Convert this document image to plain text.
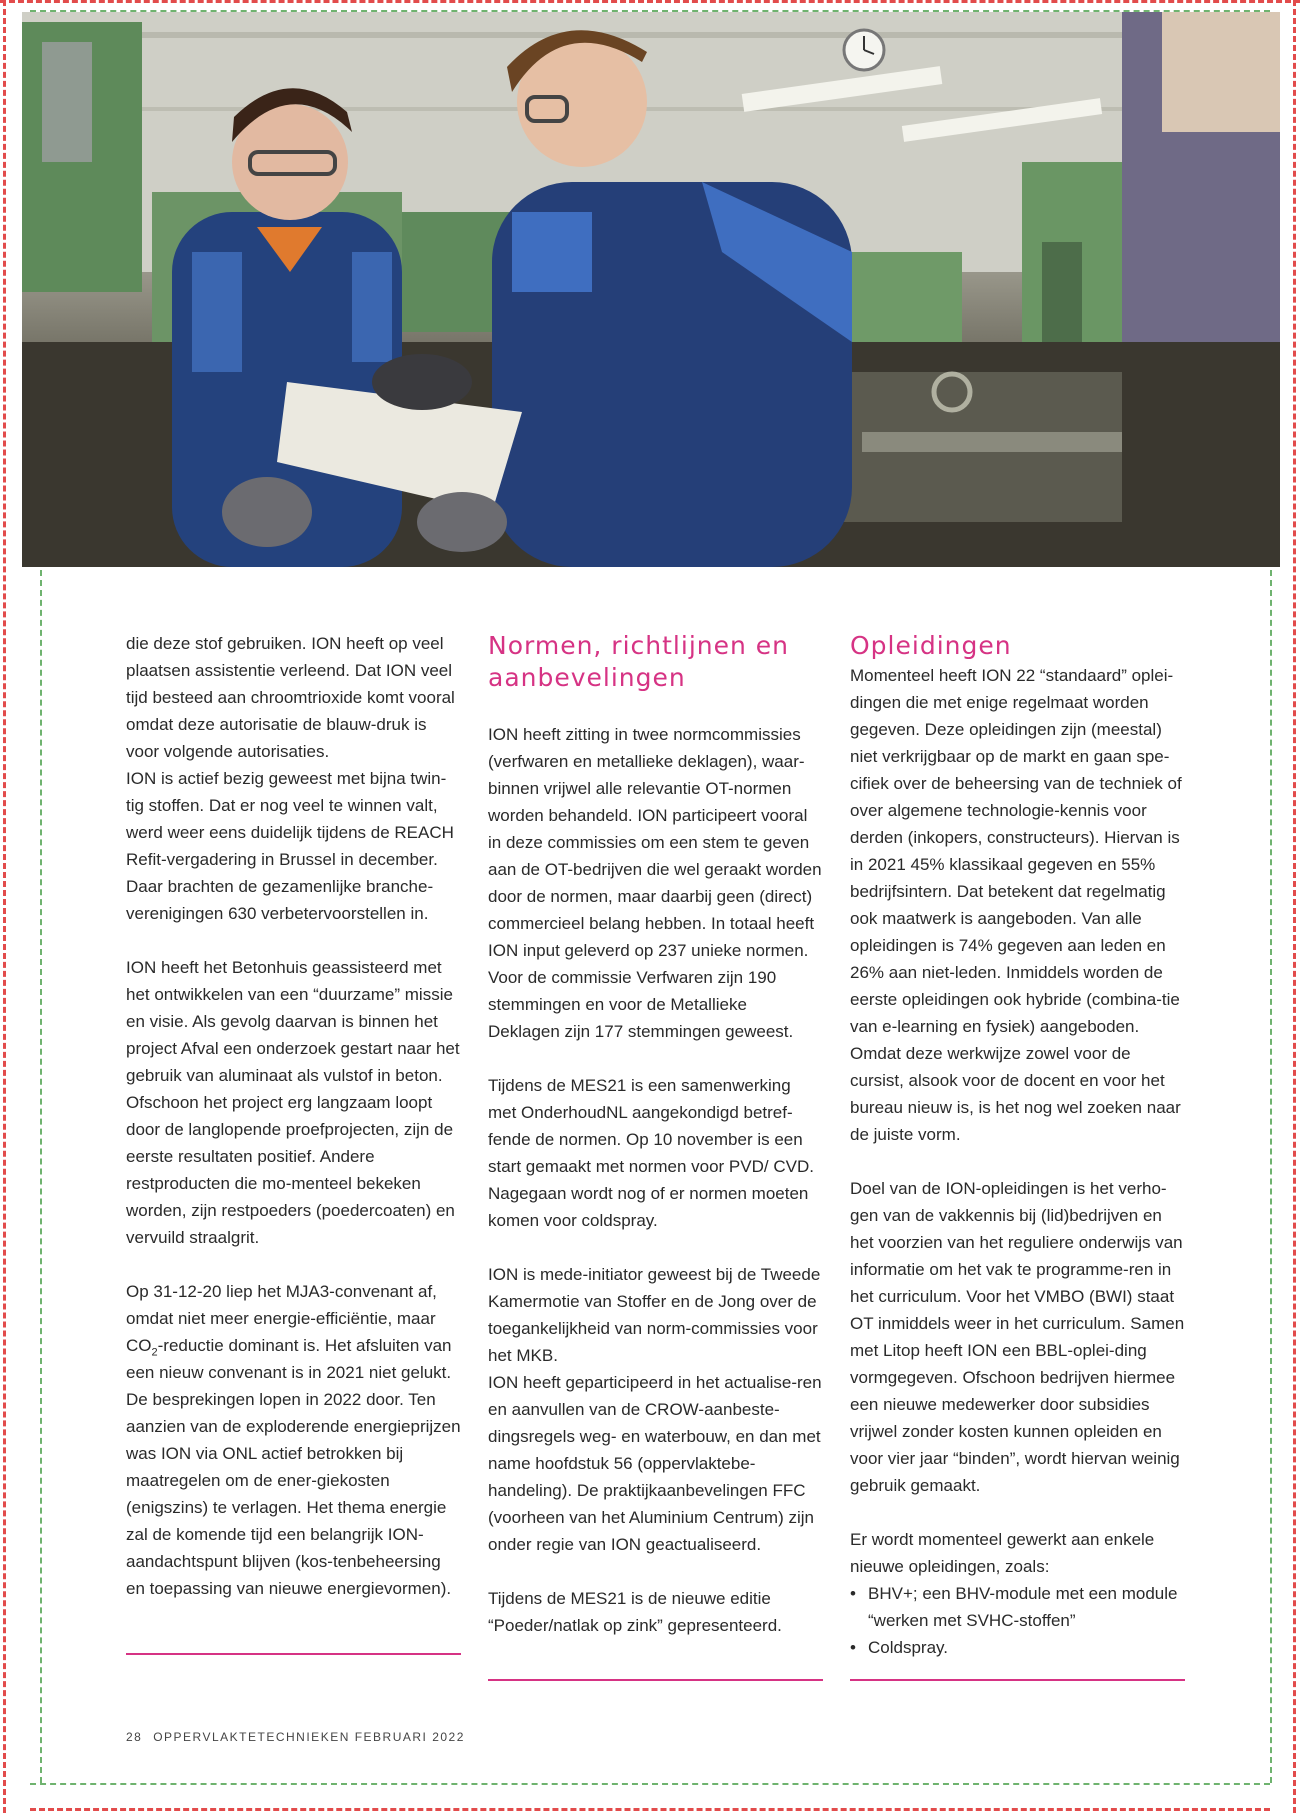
die deze stof gebruiken. ION heeft op veel plaatsen assistentie verleend. Dat ION veel tijd besteed aan chroomtrioxide komt vooral omdat deze autorisatie de blauw-druk is voor volgende autorisaties.

ION is actief bezig geweest met bijna twin-tig stoffen. Dat er nog veel te winnen valt, werd weer eens duidelijk tijdens de REACH Refit-vergadering in Brussel in december. Daar brachten de gezamenlijke branche-verenigingen 630 verbetervoorstellen in.

ION heeft het Betonhuis geassisteerd met het ontwikkelen van een “duurzame” missie en visie. Als gevolg daarvan is binnen het project Afval een onderzoek gestart naar het gebruik van aluminaat als vulstof in beton. Ofschoon het project erg langzaam loopt door de langlopende proefprojecten, zijn de eerste resultaten positief. Andere restproducten die mo-menteel bekeken worden, zijn restpoeders (poedercoaten) en vervuild straalgrit.

Op 31-12-20 liep het MJA3-convenant af, omdat niet meer energie-efficiëntie, maar $CO_2$-reductie dominant is. Het afsluiten van een nieuw convenant is in 2021 niet gelukt. De besprekingen lopen in 2022 door. Ten aanzien van de exploderende energieprijzen was ION via ONL actief betrokken bij maatregelen om de ener-giekosten (enigszins) te verlagen. Het thema energie zal de komende tijd een belangrijk ION-aandachtspunt blijven (kos-tenbeheersing en toepassing van nieuwe energievormen).

Normen, richtlijnen en aanbevelingen

ION heeft zitting in twee normcommissies (verfwaren en metallieke deklagen), waar-binnen vrijwel alle relevantie OT-normen worden behandeld. ION participeert vooral in deze commissies om een stem te geven aan de OT-bedrijven die wel geraakt worden door de normen, maar daarbij geen (direct) commercieel belang hebben. In totaal heeft ION input geleverd op 237 unieke normen. Voor de commissie Verfwaren zijn 190 stemmingen en voor de Metallieke Deklagen zijn 177 stemmingen geweest.

Tijdens de MES21 is een samenwerking met OnderhoudNL aangekondigd betref-fende de normen. Op 10 november is een start gemaakt met normen voor PVD/ CVD. Nagegaan wordt nog of er normen moeten komen voor coldspray.

ION is mede-initiator geweest bij de Tweede Kamermotie van Stoffer en de Jong over de toegankelijkheid van norm-commissies voor het MKB.

ION heeft geparticipeerd in het actualise-ren en aanvullen van de CROW-aanbeste-dingsregels weg- en waterbouw, en dan met name hoofdstuk 56 (oppervlaktebe-handeling). De praktijkaanbevelingen FFC (voorheen van het Aluminium Centrum) zijn onder regie van ION geactualiseerd.

Tijdens de MES21 is de nieuwe editie “Poeder/natlak op zink” gepresenteerd.

Opleidingen

Momenteel heeft ION 22 “standaard” oplei-dingen die met enige regelmaat worden gegeven. Deze opleidingen zijn (meestal) niet verkrijgbaar op de markt en gaan spe-cifiek over de beheersing van de techniek of over algemene technologie-kennis voor derden (inkopers, constructeurs). Hiervan is in 2021 45% klassikaal gegeven en 55% bedrijfsintern. Dat betekent dat regelmatig ook maatwerk is aangeboden. Van alle opleidingen is 74% gegeven aan leden en 26% aan niet-leden. Inmiddels worden de eerste opleidingen ook hybride (combina-tie van e-learning en fysiek) aangeboden. Omdat deze werkwijze zowel voor de cursist, alsook voor de docent en voor het bureau nieuw is, is het nog wel zoeken naar de juiste vorm.

Doel van de ION-opleidingen is het verho-gen van de vakkennis bij (lid)bedrijven en het voorzien van het reguliere onderwijs van informatie om het vak te programme-ren in het curriculum. Voor het VMBO (BWI) staat OT inmiddels weer in het curriculum. Samen met Litop heeft ION een BBL-oplei-ding vormgegeven. Ofschoon bedrijven hiermee een nieuwe medewerker door subsidies vrijwel zonder kosten kunnen opleiden en voor vier jaar “binden”, wordt hiervan weinig gebruik gemaakt.

Er wordt momenteel gewerkt aan enkele nieuwe opleidingen, zoals:

• BHV+; een BHV-module met een module “werken met SVHC-stoffen”
• Coldspray.
28 OPPERVLAKTETECHNIEKEN FEBRUARI 2022
